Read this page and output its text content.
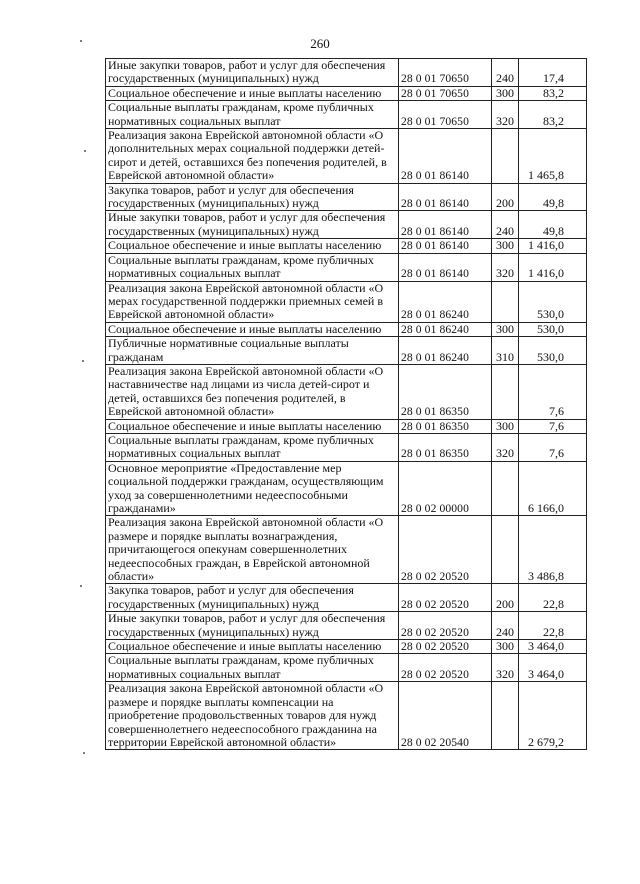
260
Иные закупки товаров, работ и услуг для обеспечения государственных (муниципальных) нужд	28 0 01 70650	240	17,4
Социальное обеспечение и иные выплаты населению	28 0 01 70650	300	83,2
Социальные выплаты гражданам, кроме публичных нормативных социальных выплат	28 0 01 70650	320	83,2
Реализация закона Еврейской автономной области «О дополнительных мерах социальной поддержки детей-сирот и детей, оставшихся без попечения родителей, в Еврейской автономной области»	28 0 01 86140		1 465,8
Закупка товаров, работ и услуг для обеспечения государственных (муниципальных) нужд	28 0 01 86140	200	49,8
Иные закупки товаров, работ и услуг для обеспечения государственных (муниципальных) нужд	28 0 01 86140	240	49,8
Социальное обеспечение и иные выплаты населению	28 0 01 86140	300	1 416,0
Социальные выплаты гражданам, кроме публичных нормативных социальных выплат	28 0 01 86140	320	1 416,0
Реализация закона Еврейской автономной области «О мерах государственной поддержки приемных семей в Еврейской автономной области»	28 0 01 86240		530,0
Социальное обеспечение и иные выплаты населению	28 0 01 86240	300	530,0
Публичные нормативные социальные выплаты гражданам	28 0 01 86240	310	530,0
Реализация закона Еврейской автономной области «О наставничестве над лицами из числа детей-сирот и детей, оставшихся без попечения родителей, в Еврейской автономной области»	28 0 01 86350		7,6
Социальное обеспечение и иные выплаты населению	28 0 01 86350	300	7,6
Социальные выплаты гражданам, кроме публичных нормативных социальных выплат	28 0 01 86350	320	7,6
Основное мероприятие «Предоставление мер социальной поддержки гражданам, осуществляющим уход за совершеннолетними недееспособными гражданами»	28 0 02 00000		6 166,0
Реализация закона Еврейской автономной области «О размере и порядке выплаты вознаграждения, причитающегося опекунам совершеннолетних недееспособных граждан, в Еврейской автономной области»	28 0 02 20520		3 486,8
Закупка товаров, работ и услуг для обеспечения государственных (муниципальных) нужд	28 0 02 20520	200	22,8
Иные закупки товаров, работ и услуг для обеспечения государственных (муниципальных) нужд	28 0 02 20520	240	22,8
Социальное обеспечение и иные выплаты населению	28 0 02 20520	300	3 464,0
Социальные выплаты гражданам, кроме публичных нормативных социальных выплат	28 0 02 20520	320	3 464,0
Реализация закона Еврейской автономной области «О размере и порядке выплаты компенсации на приобретение продовольственных товаров для нужд совершеннолетнего недееспособного гражданина на территории Еврейской автономной области»	28 0 02 20540		2 679,2
